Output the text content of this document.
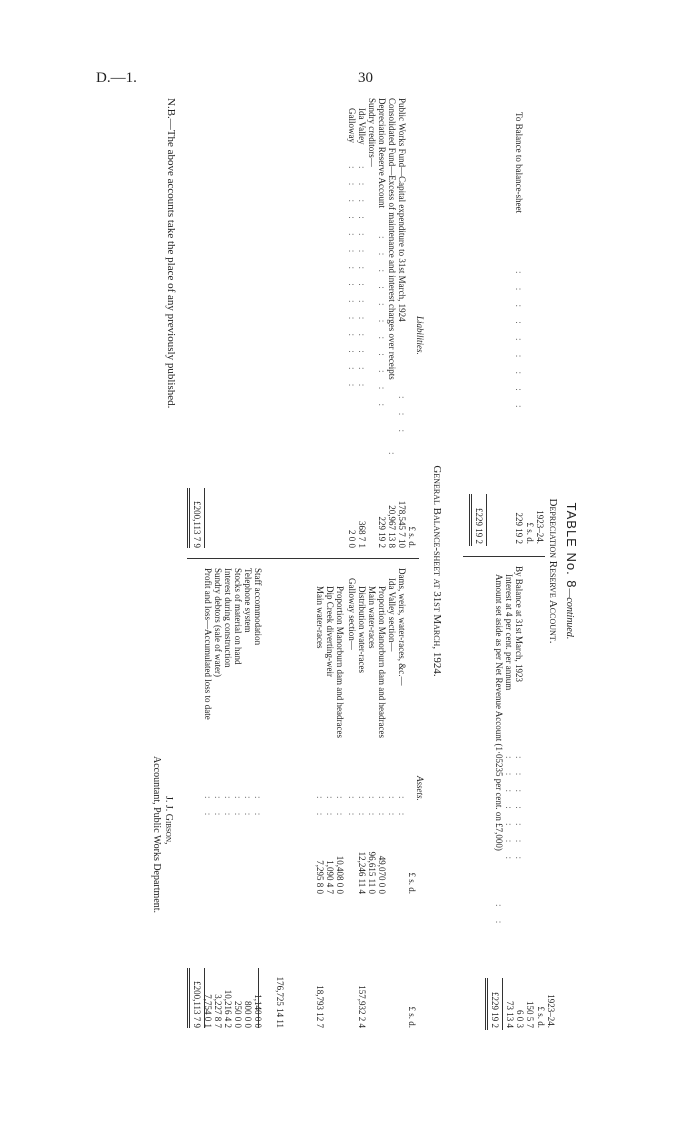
D.—1.	30
TABLE No. 8—continued.
Depreciation Reserve Account.
1923–24.
£ s. d.
To Balance to balance-sheet
: : : : : : : : :
229 19 2
£229 19 2
By Balance at 31st March, 1923
Interest at 4 per cent. per annum
Amount set aside as per Net Revenue Account (1·05235 per cent. on £7,000) : : : : : : :
: : : : : : :
: :
1923–24.
£ s. d.
150 5 7
6 0 3
73 13 4
£229 19 2
General Balance-sheet at 31st March, 1924.
Liabilities.
Assets.
£ s. d.
Public Works Fund—Capital expenditure to 31st March, 1924
: : :
178,545 7 10
Consolidated Fund—Excess of maintenance and interest charges over receipts
:
20,967 13 8
Depreciation Reserve Account
: : : : : : : : : : :
229 19 2
Sundry creditors—
Ida Valley
: : : : : : : : : : : : : :
368 7 1
Galloway
: : : : : : : : : : : : : :
2 0 0
£200,113 7 9
£ s. d.
£ s. d.
Dams, weirs, water-races, &c.—
: :
Ida Valley section—
: :
Proportion Manorburn dam and headraces
: :
49,070 0 0
Main water-races
: :
96,615 11 0
Distribution water-races
: :
12,246 11 4
157,932 2 4
Galloway section—
: :
Proportion Manorburn dam and headraces
: :
10,408 0 0
Dip Creek diverting-weir
: :
1,090 4 7
Main water-races
: :
7,295 8 0
18,793 12 7
176,725 14 11
Staff accommodation
: :
1,140 0 0
Telephone system
: :
800 0 0
Stocks of material on hand
: :
250 0 0
Interest during construction
: :
10,216 4 2
Sundry debtors (sale of water)
: :
3,227 8 7
Profit and loss—Accumulated loss to date
: :
7,754 0 1
£200,113 7 9
N.B.—The above accounts take the place of any previously published.
J. J. Gibson,
Accountant, Public Works Department.
